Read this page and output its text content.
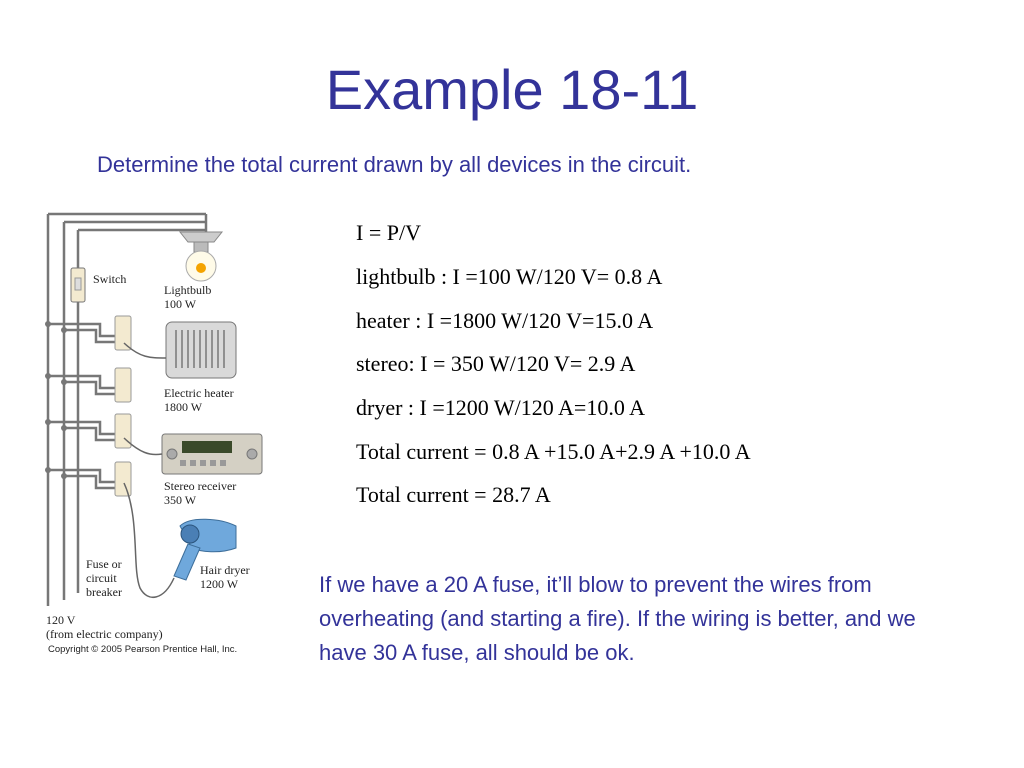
Example 18-11
Determine the total current drawn by all devices in the circuit.
I = P/V
lightbulb : I =100 W/120 V= 0.8 A
heater : I =1800 W/120 V=15.0 A
stereo: I = 350 W/120 V= 2.9 A
dryer : I =1200 W/120 A=10.0 A
Total current = 0.8 A +15.0 A+2.9 A +10.0 A
Total current = 28.7 A
If we have a 20 A fuse, it’ll blow to prevent the wires from overheating (and starting a fire). If the wiring is better, and we have 30 A fuse, all should be ok.
Switch
Lightbulb
100 W
Electric heater
1800 W
Stereo receiver
350 W
Hair dryer
1200 W
Fuse or
circuit
breaker
120 V
(from electric company)
Copyright © 2005 Pearson Prentice Hall, Inc.
